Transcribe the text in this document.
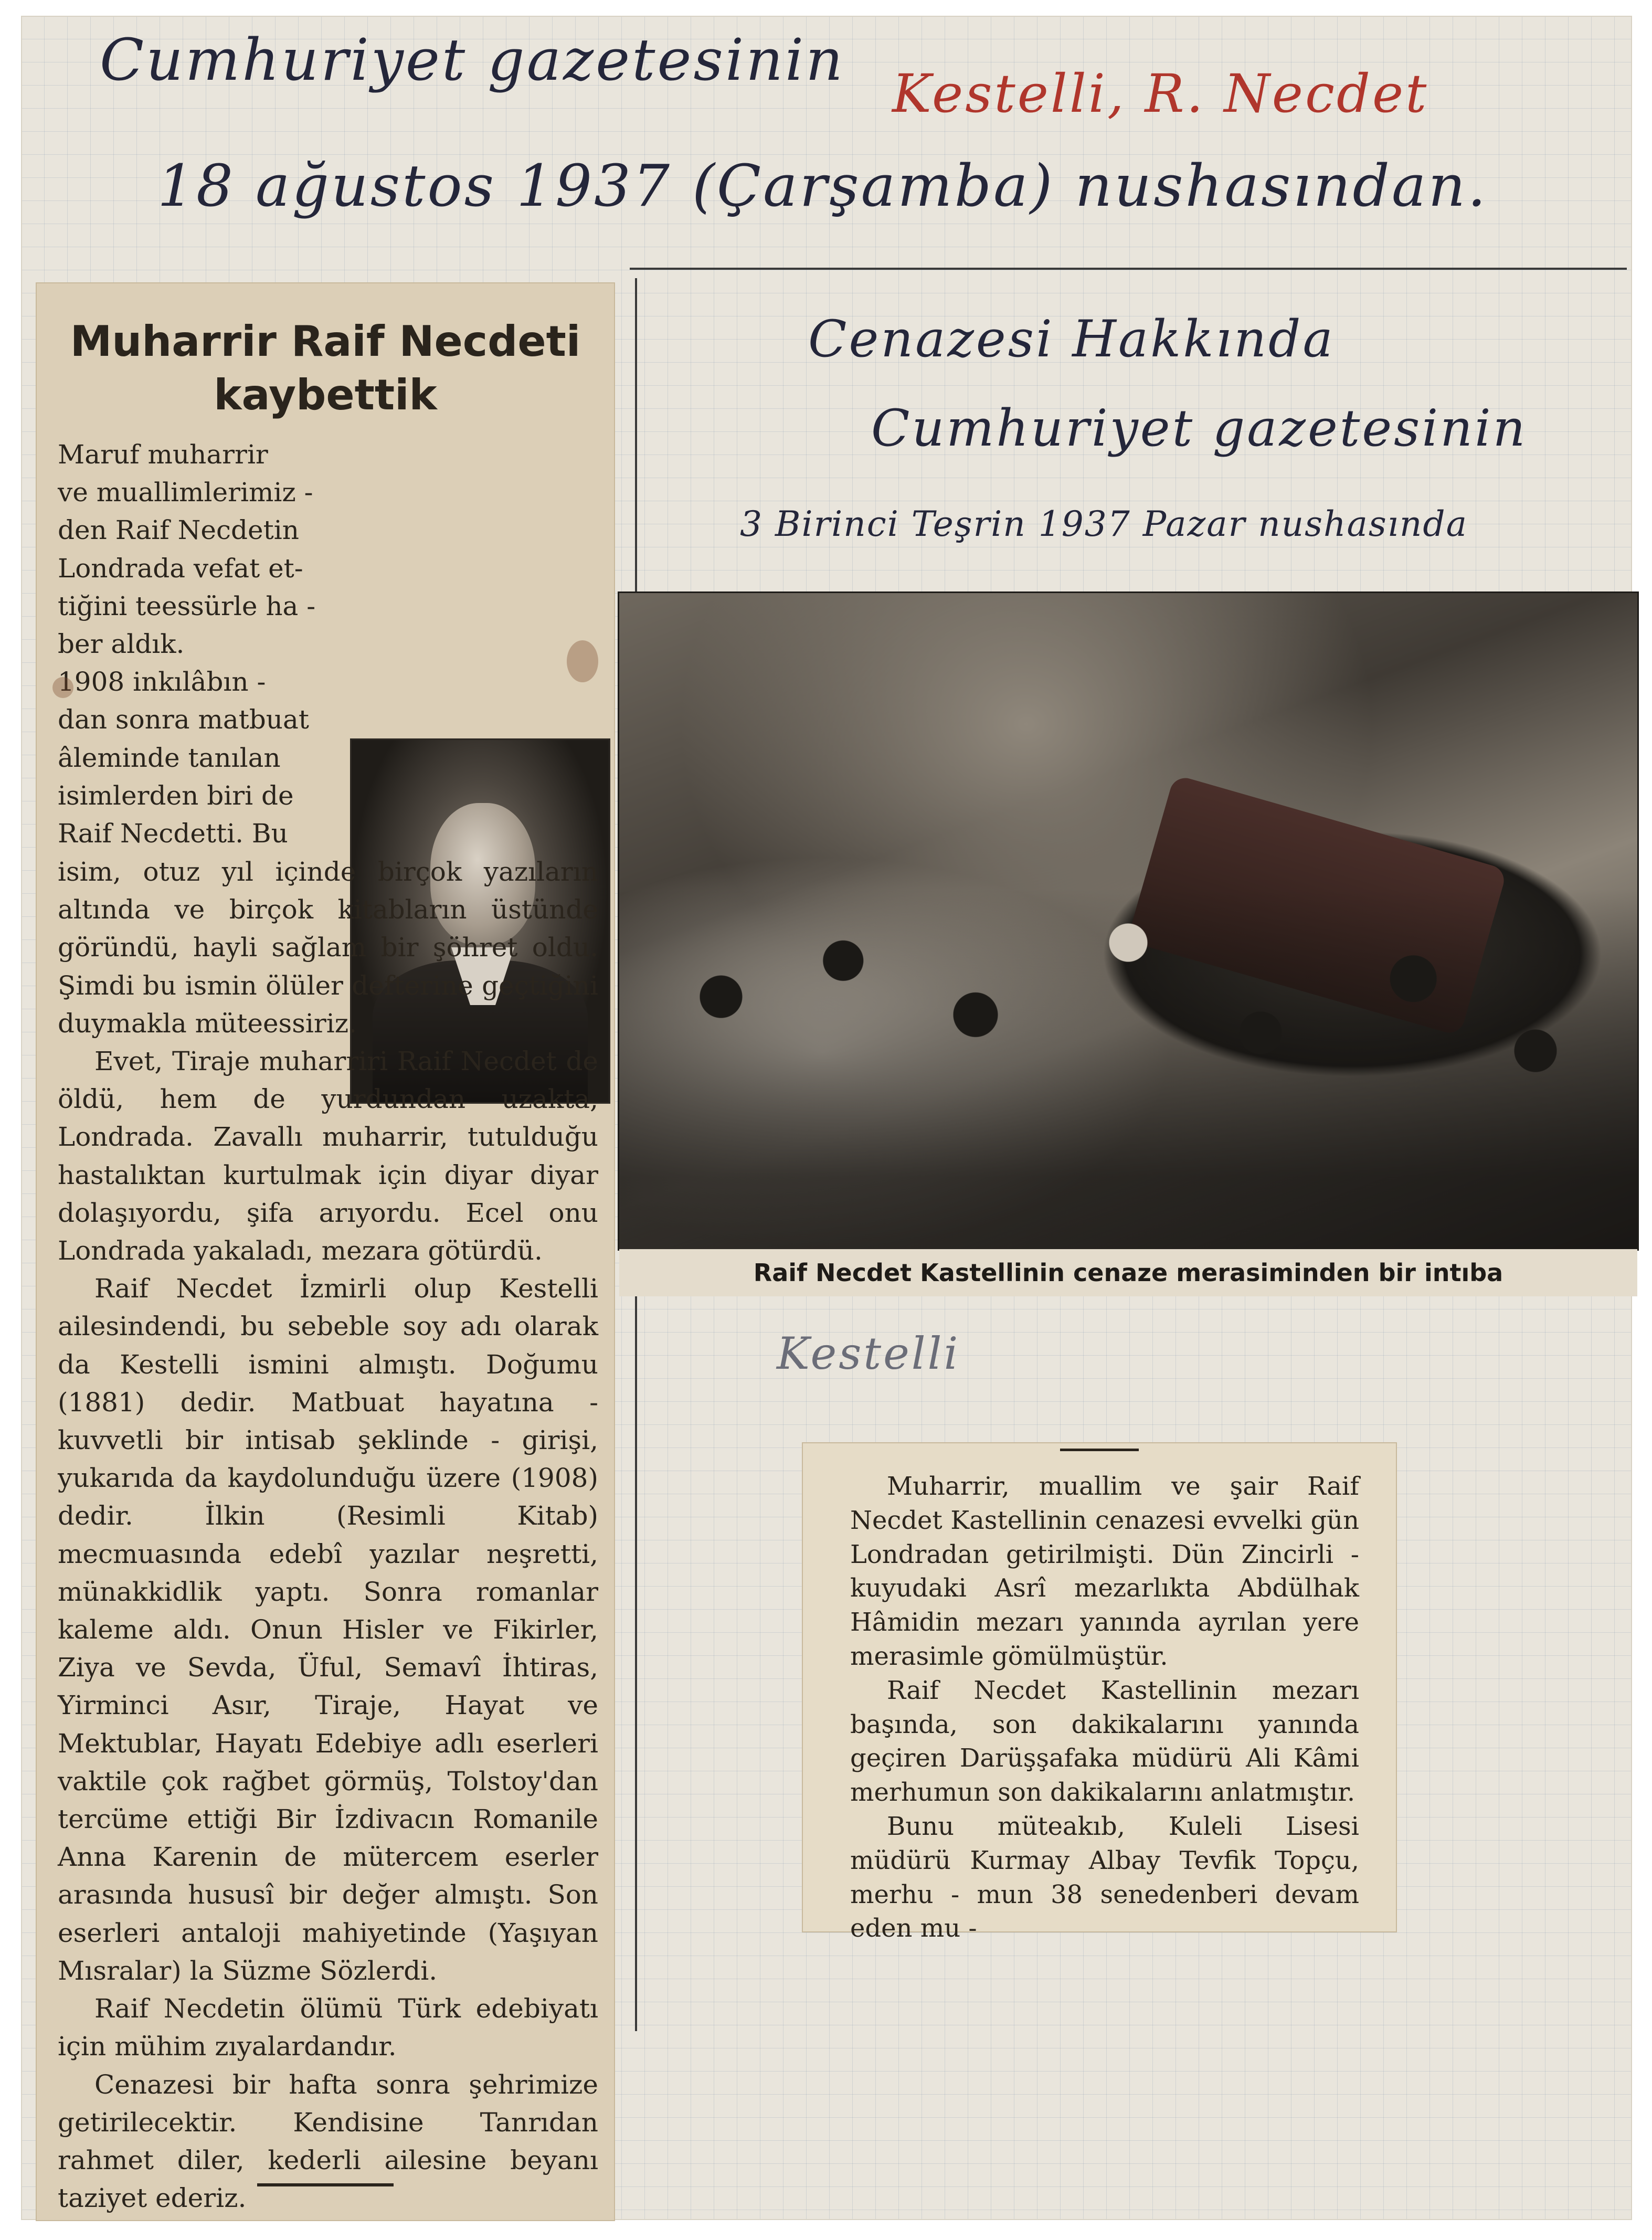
Cumhuriyet gazetesinin
Kestelli, R. Necdet
18 ağustos 1937 (Çarşamba) nushasından.
Muharrir Raif Necdeti
kaybettik
Maruf muharrir
ve muallimlerimiz -
den Raif Necdetin
Londrada vefat et-
tiğini teessürle ha -
ber aldık.
1908 inkılâbın -
dan sonra matbuat
âleminde tanılan
isimlerden biri de
Raif Necdetti. Bu

isim, otuz yıl içinde birçok yazıların altında ve birçok kitabların üstünde göründü, hayli sağlam bir şöhret oldu. Şimdi bu ismin ölüler defterine geçtiğini duymakla müteessiriz.

Evet, Tiraje muharriri Raif Necdet de öldü, hem de yurdundan uzakta, Londrada. Zavallı muharrir, tutulduğu hastalıktan kurtulmak için diyar diyar dolaşıyordu, şifa arıyordu. Ecel onu Londrada yakaladı, mezara götürdü.

Raif Necdet İzmirli olup Kestelli ailesindendi, bu sebeble soy adı olarak da Kestelli ismini almıştı. Doğumu (1881) dedir. Matbuat hayatına - kuvvetli bir intisab şeklinde - girişi, yukarıda da kaydolunduğu üzere (1908) dedir. İlkin (Resimli Kitab) mecmuasında edebî yazılar neşretti, münakkidlik yaptı. Sonra romanlar kaleme aldı. Onun Hisler ve Fikirler, Ziya ve Sevda, Üful, Semavî İhtiras, Yirminci Asır, Tiraje, Hayat ve Mektublar, Hayatı Edebiye adlı eserleri vaktile çok rağbet görmüş, Tolstoy'dan tercüme ettiği Bir İzdivacın Romanile Anna Karenin de mütercem eserler arasında hususî bir değer almıştı. Son eserleri antaloji mahiyetinde (Yaşıyan Mısralar) la Süzme Sözlerdi.

Raif Necdetin ölümü Türk edebiyatı için mühim zıyalardandır.

Cenazesi bir hafta sonra şehrimize getirilecektir. Kendisine Tanrıdan rahmet diler, kederli ailesine beyanı taziyet ederiz.

Cenazesi Hakkında
Cumhuriyet gazetesinin
3 Birinci Teşrin 1937 Pazar nushasında
Raif Necdet Kastellinin cenaze merasiminden bir intıba
Kestelli

Muharrir, muallim ve şair Raif Necdet Kastellinin cenazesi evvelki gün Londradan getirilmişti. Dün Zincirli - kuyudaki Asrî mezarlıkta Abdülhak Hâmidin mezarı yanında ayrılan yere merasimle gömülmüştür.

Raif Necdet Kastellinin mezarı başında, son dakikalarını yanında geçiren Darüşşafaka müdürü Ali Kâmi merhumun son dakikalarını anlatmıştır.

Bunu müteakıb, Kuleli Lisesi müdürü Kurmay Albay Tevfik Topçu, merhu - mun 38 senedenberi devam eden mu -
